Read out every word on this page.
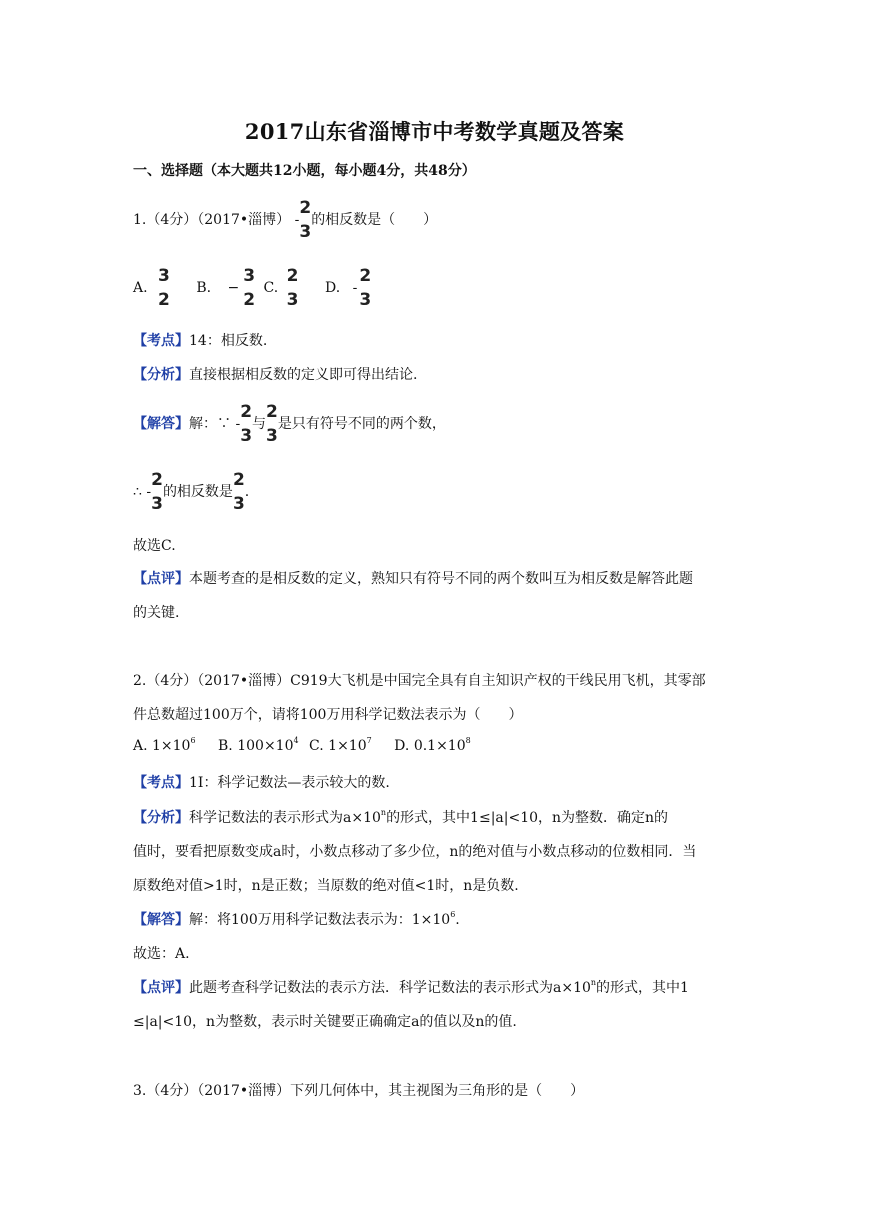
2017山东省淄博市中考数学真题及答案
一、选择题（本大题共12小题，每小题4分，共48分）
1.（4分）（2017•淄博） -
2
3
的相反数是（　　）
A.
3
2
B. −
3
2
C.
2
3
D. -
2
3
【考点】14：相反数.
【分析】直接根据相反数的定义即可得出结论.
【解答】解：∵ -
2
3
与
2
3
是只有符号不同的两个数，
∴ -
2
3
的相反数是
2
3
.
故选C.
【点评】本题考查的是相反数的定义，熟知只有符号不同的两个数叫互为相反数是解答此题
的关键.
2.（4分）（2017•淄博）C919大飞机是中国完全具有自主知识产权的干线民用飞机，其零部
件总数超过100万个，请将100万用科学记数法表示为（　　）
A. $1\times 10^6$ B. $100\times 10^4$ C. $1\times 10^7$ D. $0.1\times 10^8$
【考点】1I：科学记数法—表示较大的数.
【分析】科学记数法的表示形式为$a\times 10^n$的形式，其中1≤|a|<10，n为整数．确定n的
值时，要看把原数变成a时，小数点移动了多少位，n的绝对值与小数点移动的位数相同．当
原数绝对值>1时，n是正数；当原数的绝对值<1时，n是负数.
【解答】解：将100万用科学记数法表示为：$1\times 10^6$.
故选：A.
【点评】此题考查科学记数法的表示方法．科学记数法的表示形式为$a\times 10^n$的形式，其中1
≤|a|<10，n为整数，表示时关键要正确确定a的值以及n的值.
3.（4分）（2017•淄博）下列几何体中，其主视图为三角形的是（　　）
